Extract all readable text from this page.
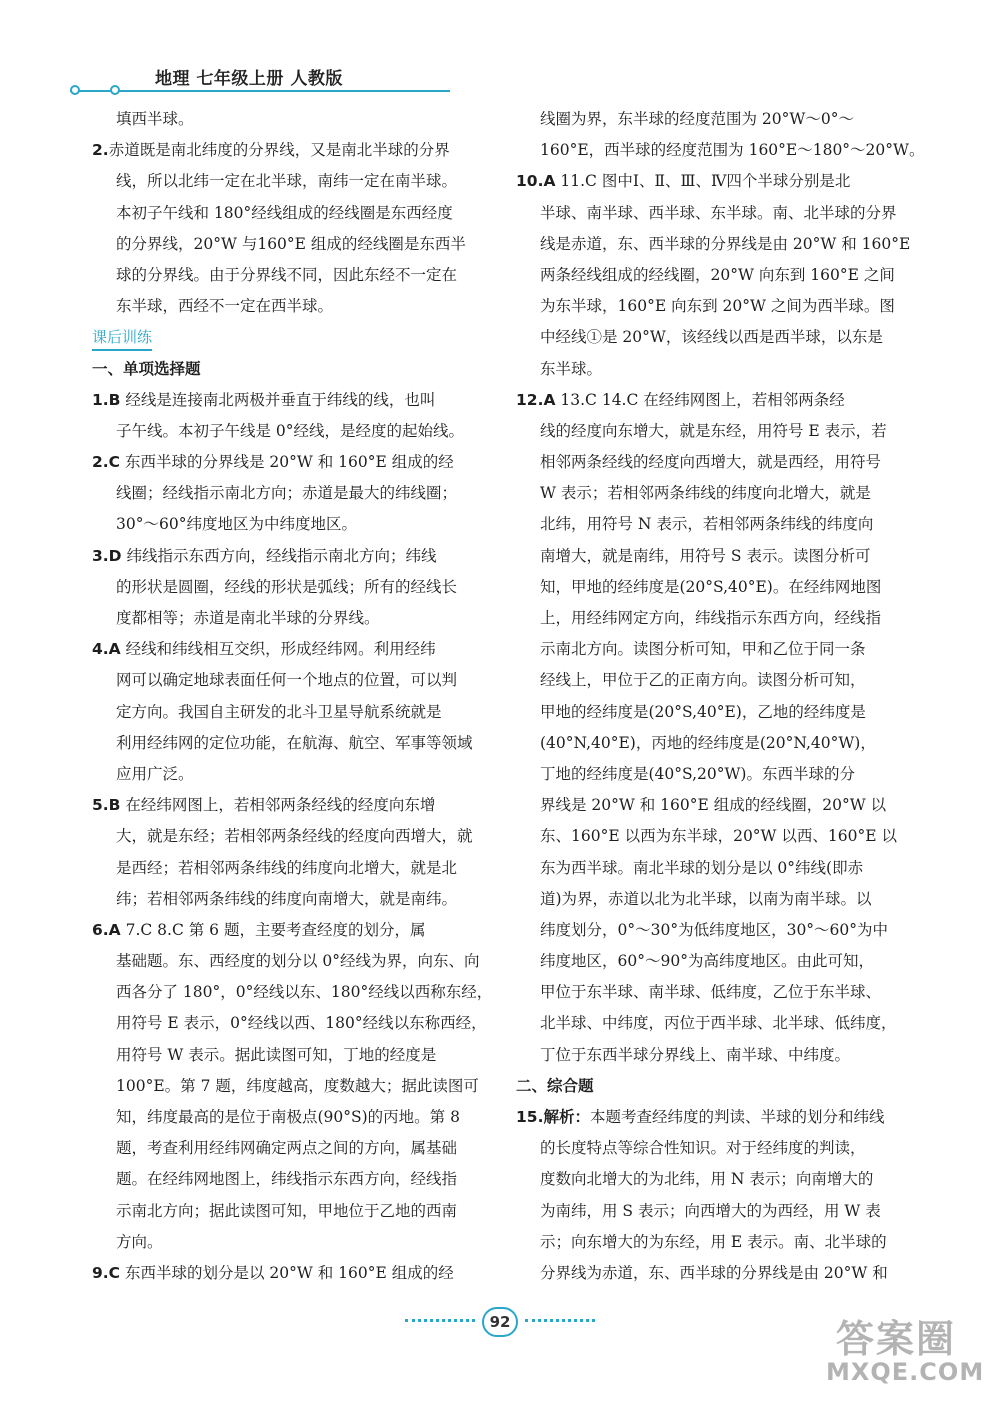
地理 七年级上册 人教版
填西半球。
2.赤道既是南北纬度的分界线，又是南北半球的分界
线，所以北纬一定在北半球，南纬一定在南半球。
本初子午线和 180°经线组成的经线圈是东西经度
的分界线，20°W 与160°E 组成的经线圈是东西半
球的分界线。由于分界线不同，因此东经不一定在
东半球，西经不一定在西半球。
课后训练
一、单项选择题
1.B 经线是连接南北两极并垂直于纬线的线，也叫
子午线。本初子午线是 0°经线，是经度的起始线。
2.C 东西半球的分界线是 20°W 和 160°E 组成的经
线圈；经线指示南北方向；赤道是最大的纬线圈；
30°～60°纬度地区为中纬度地区。
3.D 纬线指示东西方向，经线指示南北方向；纬线
的形状是圆圈，经线的形状是弧线；所有的经线长
度都相等；赤道是南北半球的分界线。
4.A 经线和纬线相互交织，形成经纬网。利用经纬
网可以确定地球表面任何一个地点的位置，可以判
定方向。我国自主研发的北斗卫星导航系统就是
利用经纬网的定位功能，在航海、航空、军事等领域
应用广泛。
5.B 在经纬网图上，若相邻两条经线的经度向东增
大，就是东经；若相邻两条经线的经度向西增大，就
是西经；若相邻两条纬线的纬度向北增大，就是北
纬；若相邻两条纬线的纬度向南增大，就是南纬。
6.A 7.C 8.C 第 6 题，主要考查经度的划分，属
基础题。东、西经度的划分以 0°经线为界，向东、向
西各分了 180°，0°经线以东、180°经线以西称东经，
用符号 E 表示，0°经线以西、180°经线以东称西经，
用符号 W 表示。据此读图可知，丁地的经度是
100°E。第 7 题，纬度越高，度数越大；据此读图可
知，纬度最高的是位于南极点(90°S)的丙地。第 8
题，考查利用经纬网确定两点之间的方向，属基础
题。在经纬网地图上，纬线指示东西方向，经线指
示南北方向；据此读图可知，甲地位于乙地的西南
方向。
9.C 东西半球的划分是以 20°W 和 160°E 组成的经
线圈为界，东半球的经度范围为 20°W～0°～
160°E，西半球的经度范围为 160°E～180°～20°W。
10.A 11.C 图中Ⅰ、Ⅱ、Ⅲ、Ⅳ四个半球分别是北
半球、南半球、西半球、东半球。南、北半球的分界
线是赤道，东、西半球的分界线是由 20°W 和 160°E
两条经线组成的经线圈，20°W 向东到 160°E 之间
为东半球，160°E 向东到 20°W 之间为西半球。图
中经线①是 20°W，该经线以西是西半球，以东是
东半球。
12.A 13.C 14.C 在经纬网图上，若相邻两条经
线的经度向东增大，就是东经，用符号 E 表示，若
相邻两条经线的经度向西增大，就是西经，用符号
W 表示；若相邻两条纬线的纬度向北增大，就是
北纬，用符号 N 表示，若相邻两条纬线的纬度向
南增大，就是南纬，用符号 S 表示。读图分析可
知，甲地的经纬度是(20°S,40°E)。在经纬网地图
上，用经纬网定方向，纬线指示东西方向，经线指
示南北方向。读图分析可知，甲和乙位于同一条
经线上，甲位于乙的正南方向。读图分析可知，
甲地的经纬度是(20°S,40°E)，乙地的经纬度是
(40°N,40°E)，丙地的经纬度是(20°N,40°W)，
丁地的经纬度是(40°S,20°W)。东西半球的分
界线是 20°W 和 160°E 组成的经线圈，20°W 以
东、160°E 以西为东半球，20°W 以西、160°E 以
东为西半球。南北半球的划分是以 0°纬线(即赤
道)为界，赤道以北为北半球，以南为南半球。以
纬度划分，0°～30°为低纬度地区，30°～60°为中
纬度地区，60°～90°为高纬度地区。由此可知，
甲位于东半球、南半球、低纬度，乙位于东半球、
北半球、中纬度，丙位于西半球、北半球、低纬度，
丁位于东西半球分界线上、南半球、中纬度。
二、综合题
15.解析：本题考查经纬度的判读、半球的划分和纬线
的长度特点等综合性知识。对于经纬度的判读，
度数向北增大的为北纬，用 N 表示；向南增大的
为南纬，用 S 表示；向西增大的为西经，用 W 表
示；向东增大的为东经，用 E 表示。南、北半球的
分界线为赤道，东、西半球的分界线是由 20°W 和
92	答案圈
MXQE.COM
